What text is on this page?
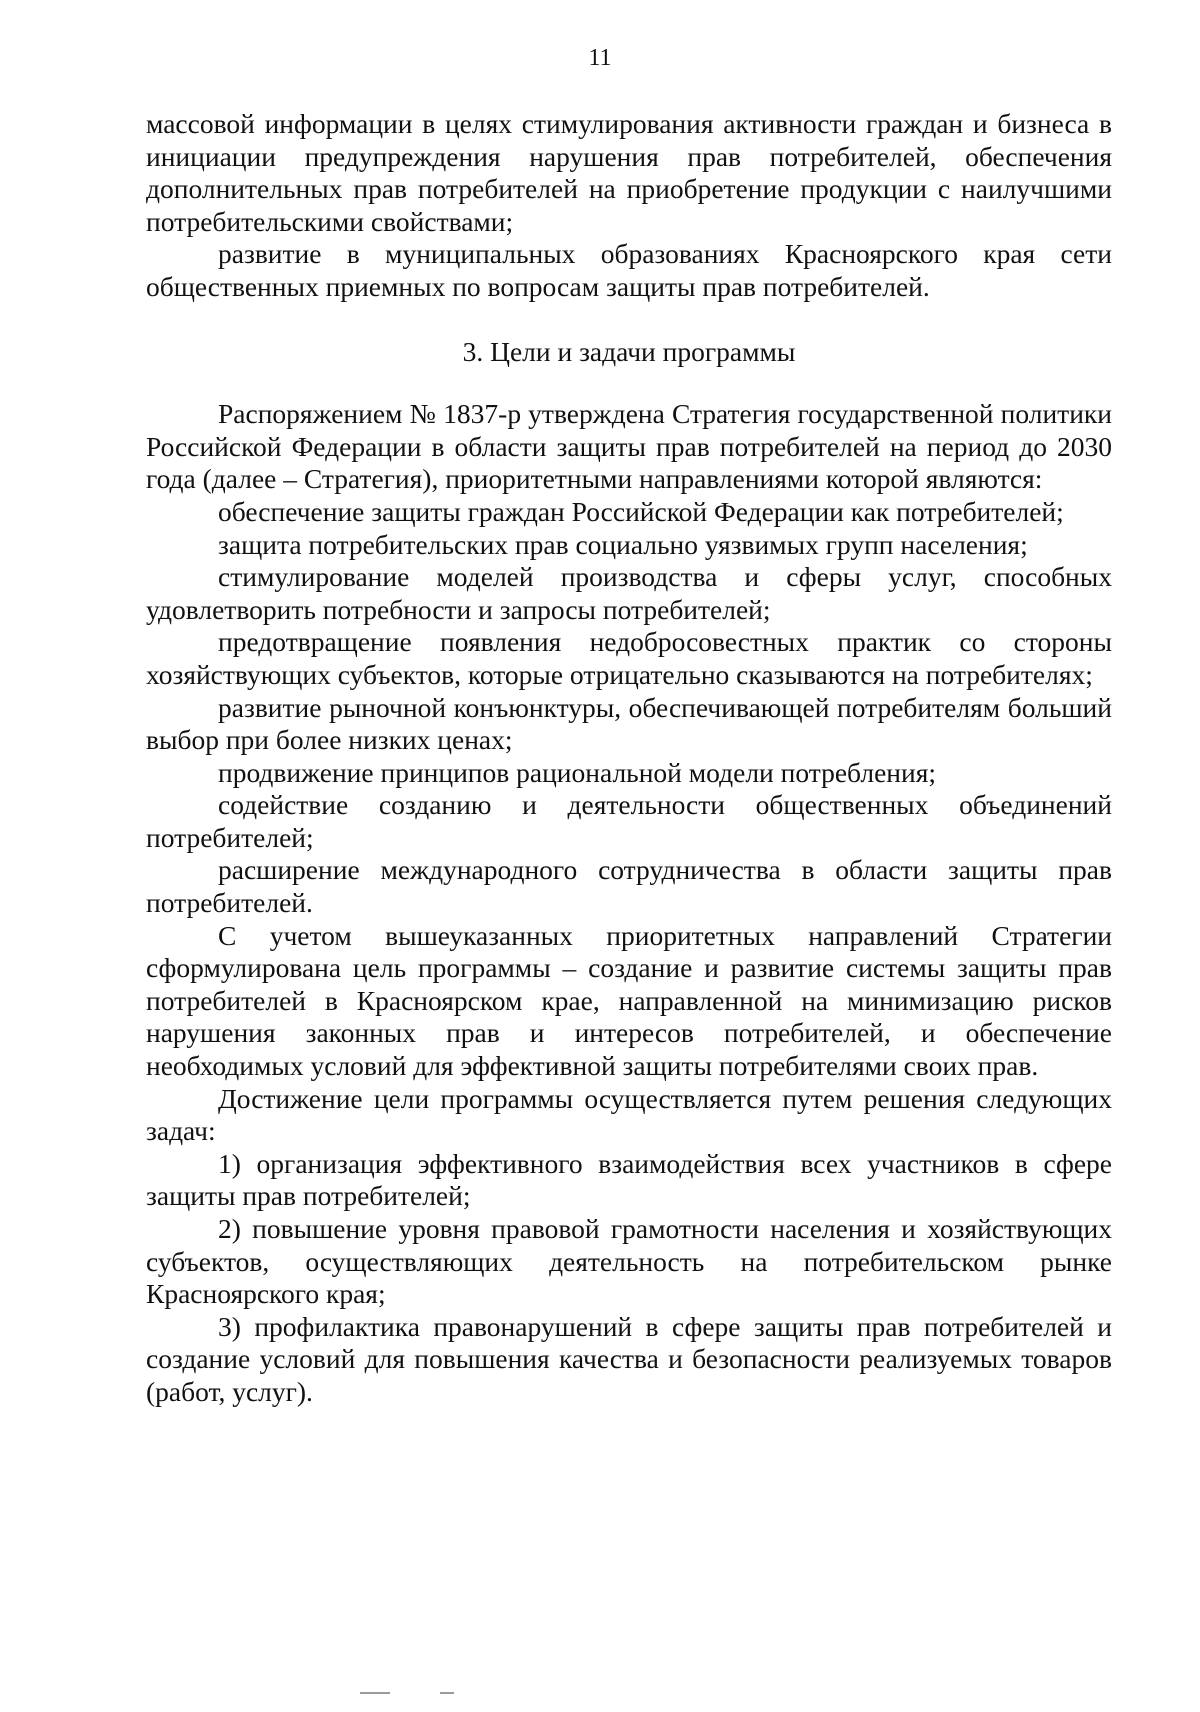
11

массовой информации в целях стимулирования активности граждан и бизнеса в инициации предупреждения нарушения прав потребителей, обеспечения дополнительных прав потребителей на приобретение продукции с наилучшими потребительскими свойствами;

развитие в муниципальных образованиях Красноярского края сети общественных приемных по вопросам защиты прав потребителей.

3. Цели и задачи программы

Распоряжением № 1837-р утверждена Стратегия государственной политики Российской Федерации в области защиты прав потребителей на период до 2030 года (далее – Стратегия), приоритетными направлениями которой являются:

обеспечение защиты граждан Российской Федерации как потребителей;

защита потребительских прав социально уязвимых групп населения;

стимулирование моделей производства и сферы услуг, способных удовлетворить потребности и запросы потребителей;

предотвращение появления недобросовестных практик со стороны хозяйствующих субъектов, которые отрицательно сказываются на потребителях;

развитие рыночной конъюнктуры, обеспечивающей потребителям больший выбор при более низких ценах;

продвижение принципов рациональной модели потребления;

содействие созданию и деятельности общественных объединений потребителей;

расширение международного сотрудничества в области защиты прав потребителей.

С учетом вышеуказанных приоритетных направлений Стратегии сформулирована цель программы – создание и развитие системы защиты прав потребителей в Красноярском крае, направленной на минимизацию рисков нарушения законных прав и интересов потребителей, и обеспечение необходимых условий для эффективной защиты потребителями своих прав.

Достижение цели программы осуществляется путем решения следующих задач:

1) организация эффективного взаимодействия всех участников в сфере защиты прав потребителей;

2) повышение уровня правовой грамотности населения и хозяйствующих субъектов, осуществляющих деятельность на потребительском рынке Красноярского края;

3) профилактика правонарушений в сфере защиты прав потребителей и создание условий для повышения качества и безопасности реализуемых товаров (работ, услуг).
